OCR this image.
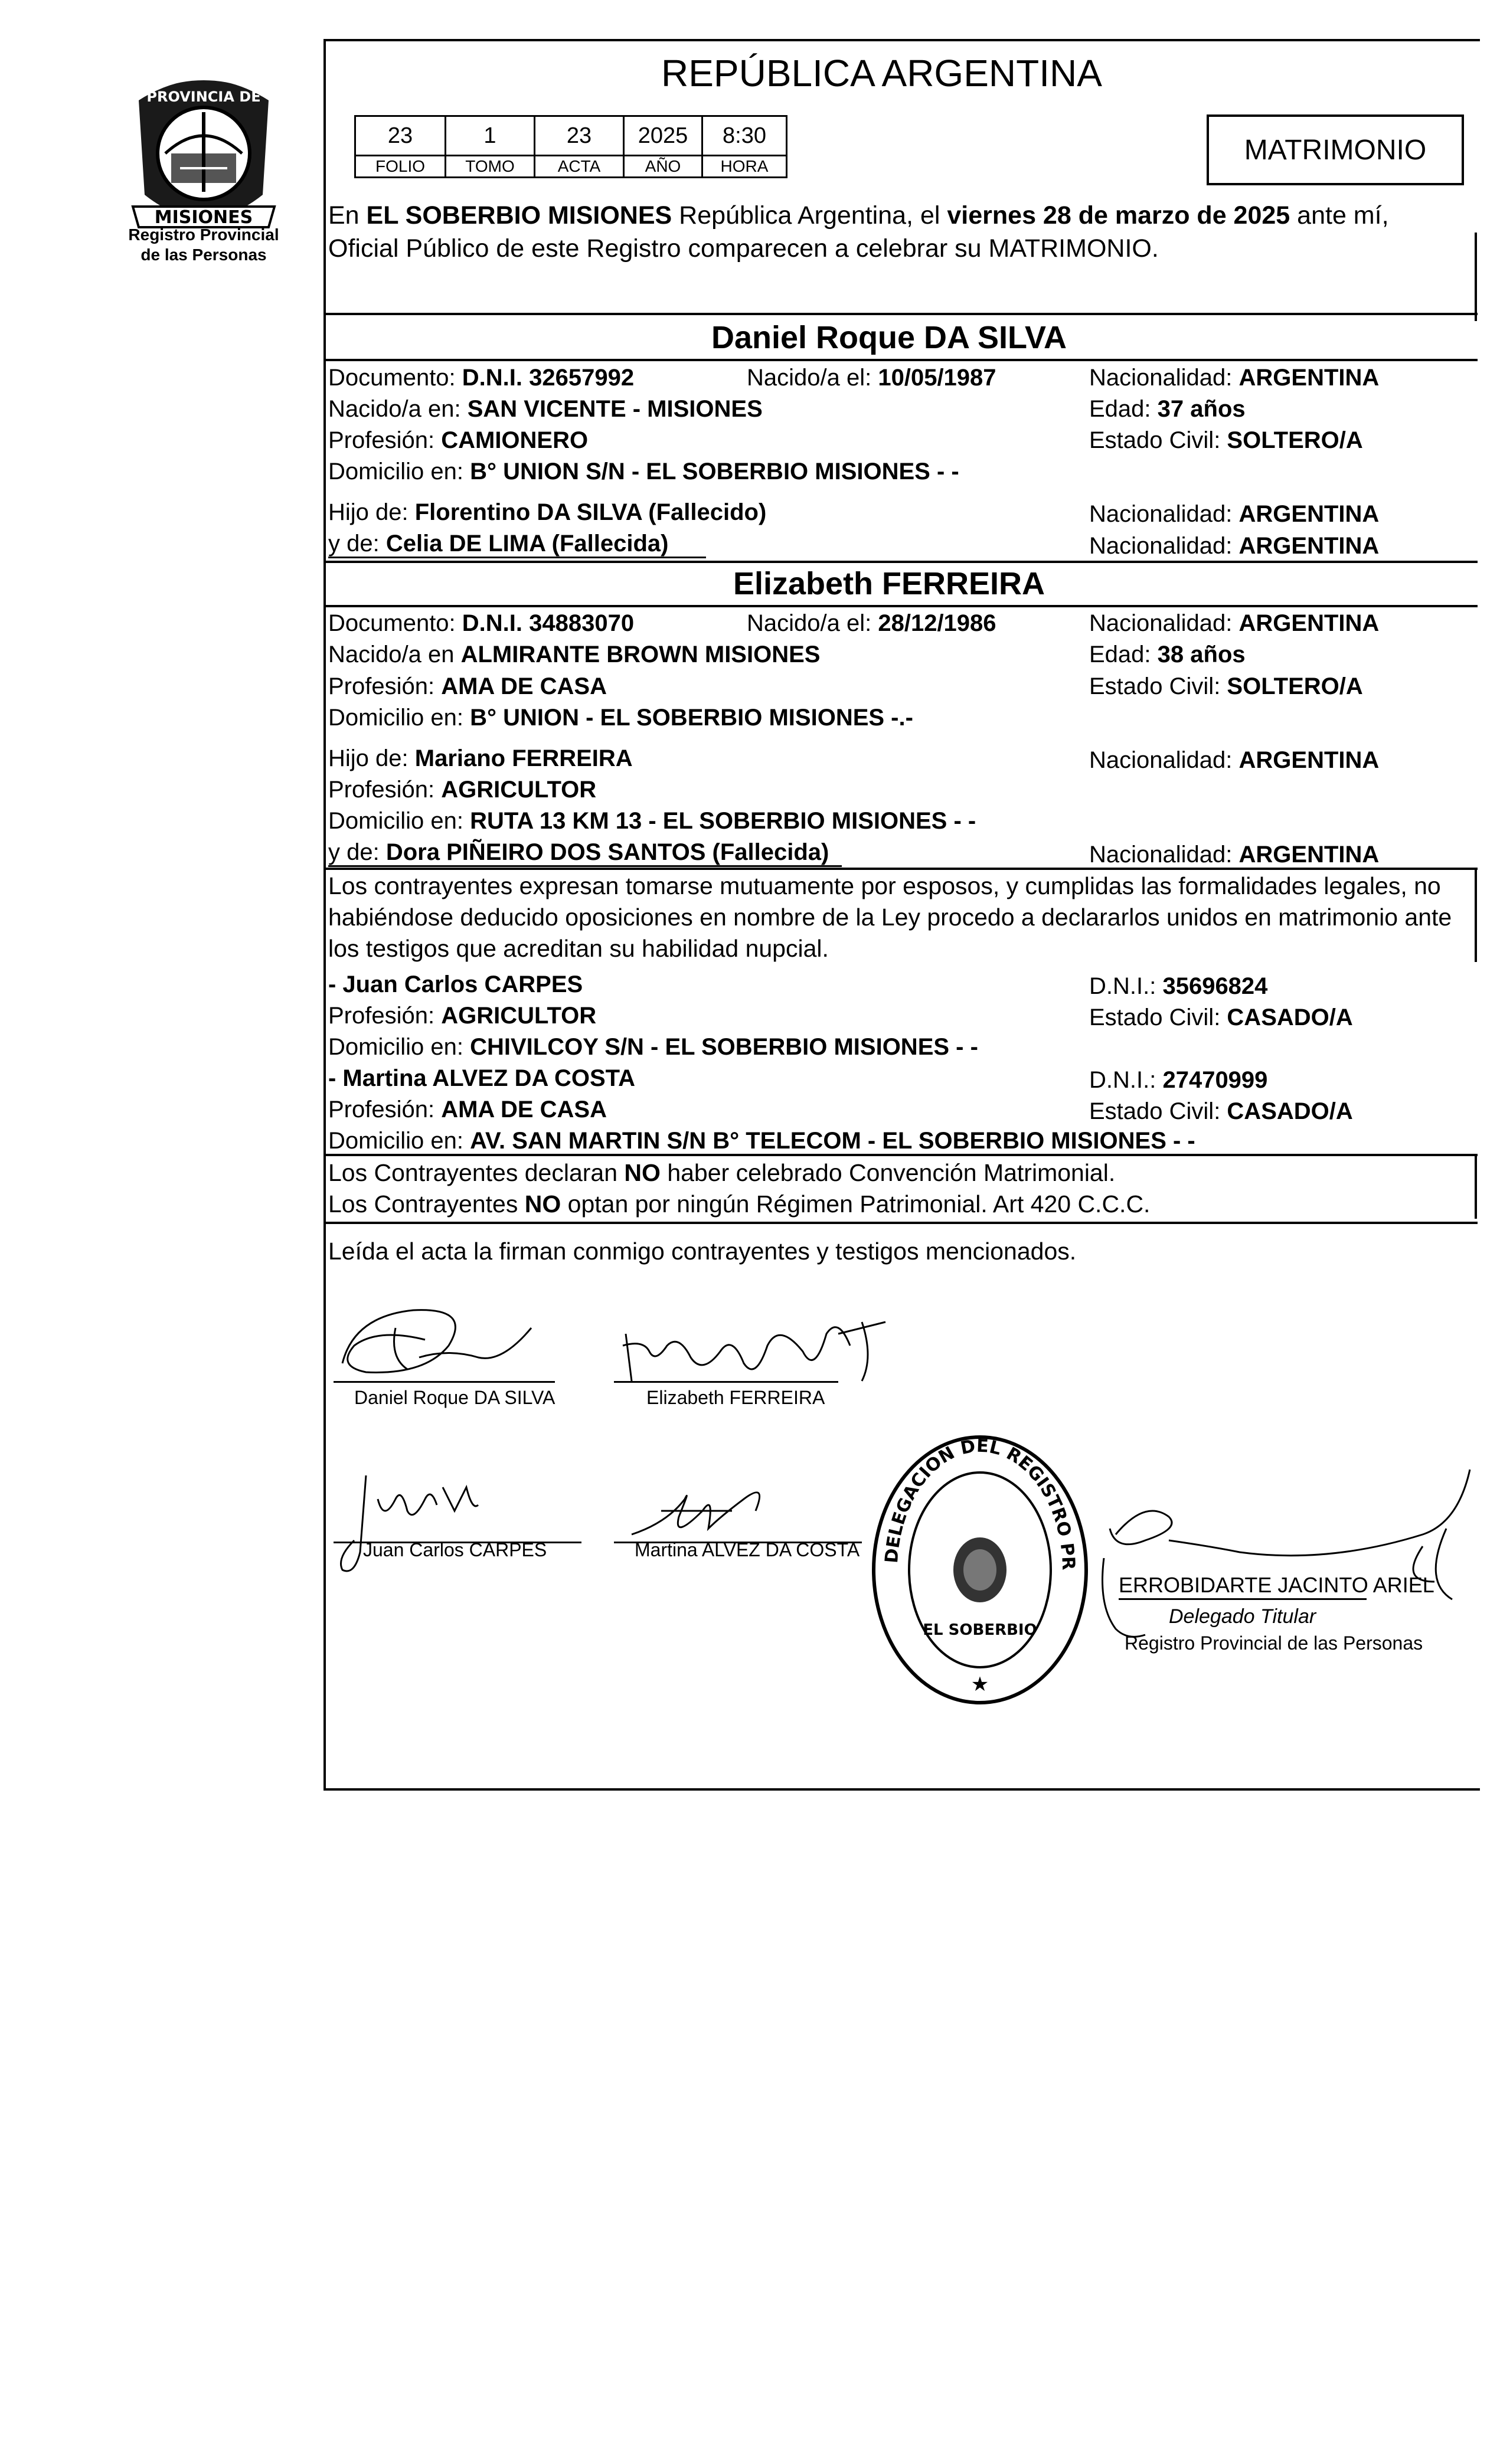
PROVINCIA DE
MISIONES
Registro Provincial
de las Personas
REPÚBLICA ARGENTINA
23	1	23	2025	8:30
FOLIO	TOMO	ACTA	AÑO	HORA
MATRIMONIO
En EL SOBERBIO MISIONES República Argentina, el viernes 28 de marzo de 2025 ante mí,
Oficial Público de este Registro comparecen a celebrar su MATRIMONIO.
Daniel Roque DA SILVA
Documento: D.N.I. 32657992	Nacido/a el: 10/05/1987	Nacionalidad: ARGENTINA
Nacido/a en: SAN VICENTE - MISIONES	Edad: 37 años
Profesión: CAMIONERO	Estado Civil: SOLTERO/A
Domicilio en: B° UNION S/N - EL SOBERBIO MISIONES - -
Hijo de: Florentino DA SILVA (Fallecido)	Nacionalidad: ARGENTINA
y de: Celia DE LIMA (Fallecida)	Nacionalidad: ARGENTINA
Elizabeth FERREIRA
Documento: D.N.I. 34883070	Nacido/a el: 28/12/1986	Nacionalidad: ARGENTINA
Nacido/a en ALMIRANTE BROWN MISIONES	Edad: 38 años
Profesión: AMA DE CASA	Estado Civil: SOLTERO/A
Domicilio en: B° UNION - EL SOBERBIO MISIONES -.-
Hijo de: Mariano FERREIRA	Nacionalidad: ARGENTINA
Profesión: AGRICULTOR
Domicilio en: RUTA 13 KM 13 - EL SOBERBIO MISIONES - -
y de: Dora PIÑEIRO DOS SANTOS (Fallecida)	Nacionalidad: ARGENTINA
Los contrayentes expresan tomarse mutuamente por esposos, y cumplidas las formalidades legales, no
habiéndose deducido oposiciones en nombre de la Ley procedo a declararlos unidos en matrimonio ante
los testigos que acreditan su habilidad nupcial.
- Juan Carlos CARPES	D.N.I.: 35696824
Profesión: AGRICULTOR	Estado Civil: CASADO/A
Domicilio en: CHIVILCOY S/N - EL SOBERBIO MISIONES - -
- Martina ALVEZ DA COSTA	D.N.I.: 27470999
Profesión: AMA DE CASA	Estado Civil: CASADO/A
Domicilio en: AV. SAN MARTIN S/N B° TELECOM - EL SOBERBIO MISIONES - -
Los Contrayentes declaran NO haber celebrado Convención Matrimonial.
Los Contrayentes NO optan por ningún Régimen Patrimonial. Art 420 C.C.C.
Leída el acta la firman conmigo contrayentes y testigos mencionados.
Daniel Roque DA SILVA	Elizabeth FERREIRA
Juan Carlos CARPES	Martina ALVEZ DA COSTA	DELEGACION DEL REGISTRO PR
EL SOBERBIO
★
ERROBIDARTE JACINTO ARIEL
Delegado Titular
Registro Provincial de las Personas
